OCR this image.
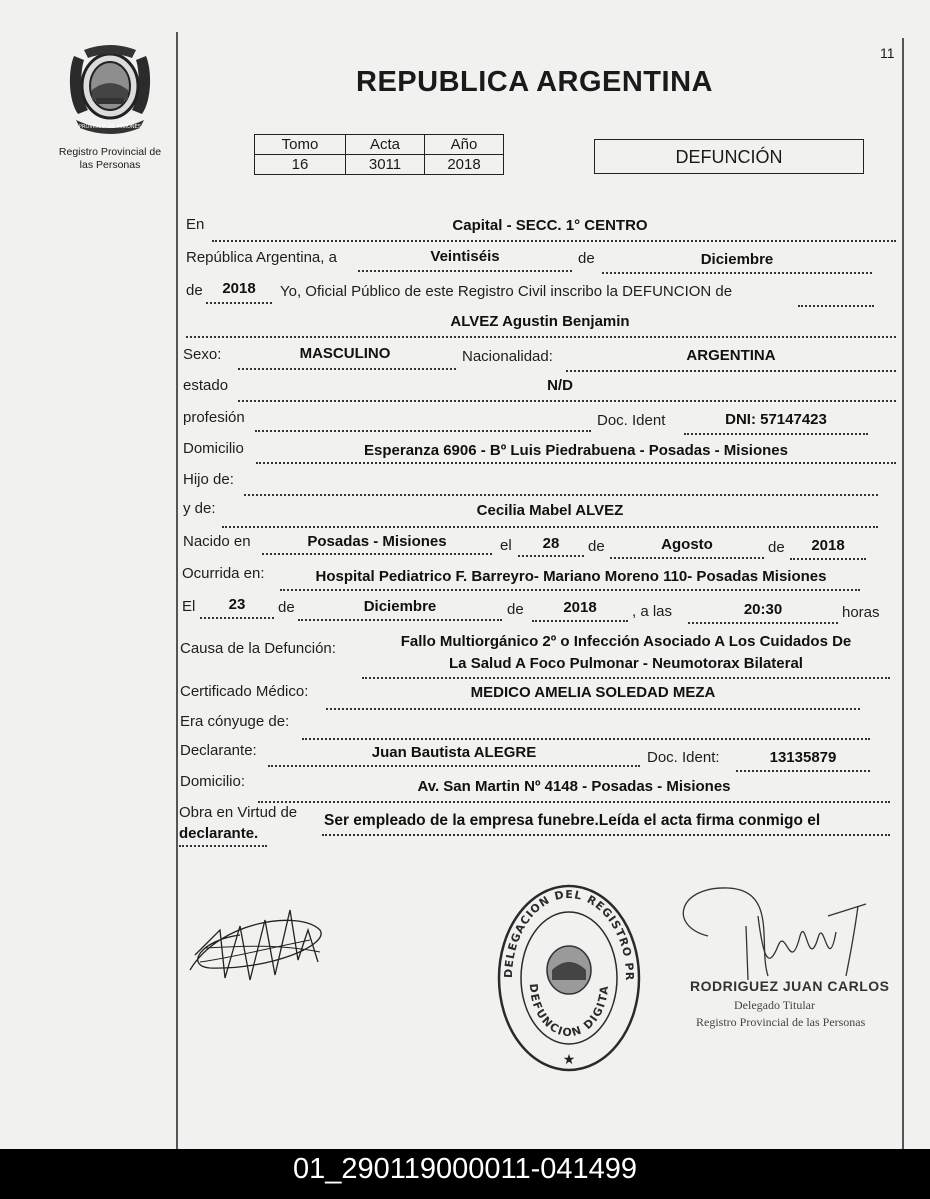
11
PROVINCIA DE MISIONES
Registro Provincial de
las Personas
REPUBLICA ARGENTINA
Tomo	Acta	Año
16	3011	2018	DEFUNCIÓN
En	Capital - SECC. 1° CENTRO
República Argentina, a	Veintiséis	de	Diciembre
de	2018	Yo, Oficial Público de este Registro Civil inscribo la DEFUNCION de
ALVEZ Agustin Benjamin
Sexo:	MASCULINO	Nacionalidad:	ARGENTINA
estado	N/D
profesión	Doc. Ident	DNI: 57147423
Domicilio	Esperanza 6906 - Bº Luis Piedrabuena - Posadas - Misiones
Hijo de:
y de:	Cecilia Mabel ALVEZ
Nacido en	Posadas - Misiones	el	28	de	Agosto	de	2018
Ocurrida en:	Hospital Pediatrico F. Barreyro- Mariano Moreno 110- Posadas Misiones
El	23	de	Diciembre	de	2018	, a las	20:30	horas
Causa de la Defunción:	Fallo Multiorgánico 2º o Infección Asociado A Los Cuidados De
La Salud A Foco Pulmonar - Neumotorax Bilateral
Certificado Médico:	MEDICO AMELIA SOLEDAD MEZA
Era cónyuge de:
Declarante:	Juan Bautista ALEGRE	Doc. Ident:	13135879
Domicilio:	Av. San Martin Nº 4148 - Posadas - Misiones
Obra en Virtud de Ser empleado de la empresa funebre.Leída el acta firma conmigo el
declarante.
DELEGACION DEL REGISTRO PR
DEFUNCION DIGITA
★
RODRIGUEZ JUAN CARLOS
Delegado Titular
Registro Provincial de las Personas
01_290119000011-041499
